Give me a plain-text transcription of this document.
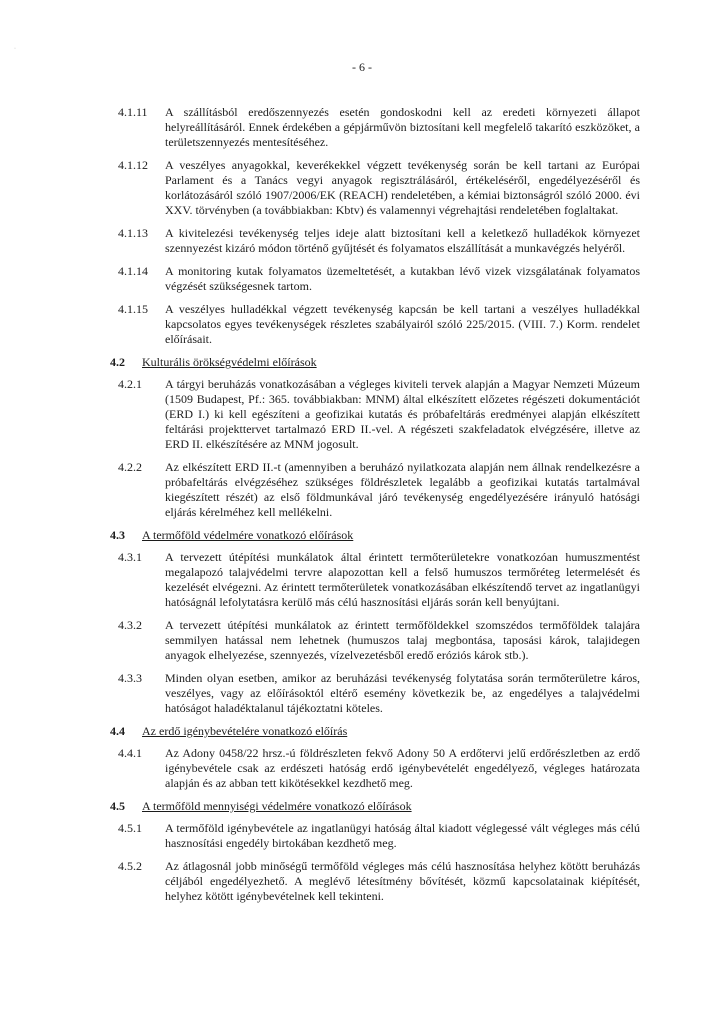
·
- 6 -
4.1.11	A szállításból eredőszennyezés esetén gondoskodni kell az eredeti környezeti állapot helyreállításáról. Ennek érdekében a gépjárművön biztosítani kell megfelelő takarító eszközöket, a területszennyezés mentesítéséhez.
4.1.12	A veszélyes anyagokkal, keverékekkel végzett tevékenység során be kell tartani az Európai Parlament és a Tanács vegyi anyagok regisztrálásáról, értékeléséről, engedélyezéséről és korlátozásáról szóló 1907/2006/EK (REACH) rendeletében, a kémiai biztonságról szóló 2000. évi XXV. törvényben (a továbbiakban: Kbtv) és valamennyi végrehajtási rendeletében foglaltakat.
4.1.13	A kivitelezési tevékenység teljes ideje alatt biztosítani kell a keletkező hulladékok környezet szennyezést kizáró módon történő gyűjtését és folyamatos elszállítását a munkavégzés helyéről.
4.1.14	A monitoring kutak folyamatos üzemeltetését, a kutakban lévő vizek vizsgálatának folyamatos végzését szükségesnek tartom.
4.1.15	A veszélyes hulladékkal végzett tevékenység kapcsán be kell tartani a veszélyes hulladékkal kapcsolatos egyes tevékenységek részletes szabályairól szóló 225/2015. (VIII. 7.) Korm. rendelet előírásait.
4.2	Kulturális örökségvédelmi előírások
4.2.1	A tárgyi beruházás vonatkozásában a végleges kiviteli tervek alapján a Magyar Nemzeti Múzeum (1509 Budapest, Pf.: 365. továbbiakban: MNM) által elkészített előzetes régészeti dokumentációt (ERD I.) ki kell egészíteni a geofizikai kutatás és próbafeltárás eredményei alapján elkészített feltárási projekttervet tartalmazó ERD II.-vel. A régészeti szakfeladatok elvégzésére, illetve az ERD II. elkészítésére az MNM jogosult.
4.2.2	Az elkészített ERD II.-t (amennyiben a beruházó nyilatkozata alapján nem állnak rendelkezésre a próbafeltárás elvégzéséhez szükséges földrészletek legalább a geofizikai kutatás tartalmával kiegészített részét) az első földmunkával járó tevékenység engedélyezésére irányuló hatósági eljárás kérelméhez kell mellékelni.
4.3	A termőföld védelmére vonatkozó előírások
4.3.1	A tervezett útépítési munkálatok által érintett termőterületekre vonatkozóan humuszmentést megalapozó talajvédelmi tervre alapozottan kell a felső humuszos termőréteg letermelését és kezelését elvégezni. Az érintett termőterületek vonatkozásában elkészítendő tervet az ingatlanügyi hatóságnál lefolytatásra kerülő más célú hasznosítási eljárás során kell benyújtani.
4.3.2	A tervezett útépítési munkálatok az érintett termőföldekkel szomszédos termőföldek talajára semmilyen hatással nem lehetnek (humuszos talaj megbontása, taposási károk, talajidegen anyagok elhelyezése, szennyezés, vízelvezetésből eredő eróziós károk stb.).
4.3.3	Minden olyan esetben, amikor az beruházási tevékenység folytatása során termőterületre káros, veszélyes, vagy az előírásoktól eltérő esemény következik be, az engedélyes a talajvédelmi hatóságot haladéktalanul tájékoztatni köteles.
4.4	Az erdő igénybevételére vonatkozó előírás
4.4.1	Az Adony 0458/22 hrsz.-ú földrészleten fekvő Adony 50 A erdőtervi jelű erdőrészletben az erdő igénybevétele csak az erdészeti hatóság erdő igénybevételét engedélyező, végleges határozata alapján és az abban tett kikötésekkel kezdhető meg.
4.5	A termőföld mennyiségi védelmére vonatkozó előírások
4.5.1	A termőföld igénybevétele az ingatlanügyi hatóság által kiadott véglegessé vált végleges más célú hasznosítási engedély birtokában kezdhető meg.
4.5.2	Az átlagosnál jobb minőségű termőföld végleges más célú hasznosítása helyhez kötött beruházás céljából engedélyezhető. A meglévő létesítmény bővítését, közmű kapcsolatainak kiépítését, helyhez kötött igénybevételnek kell tekinteni.
